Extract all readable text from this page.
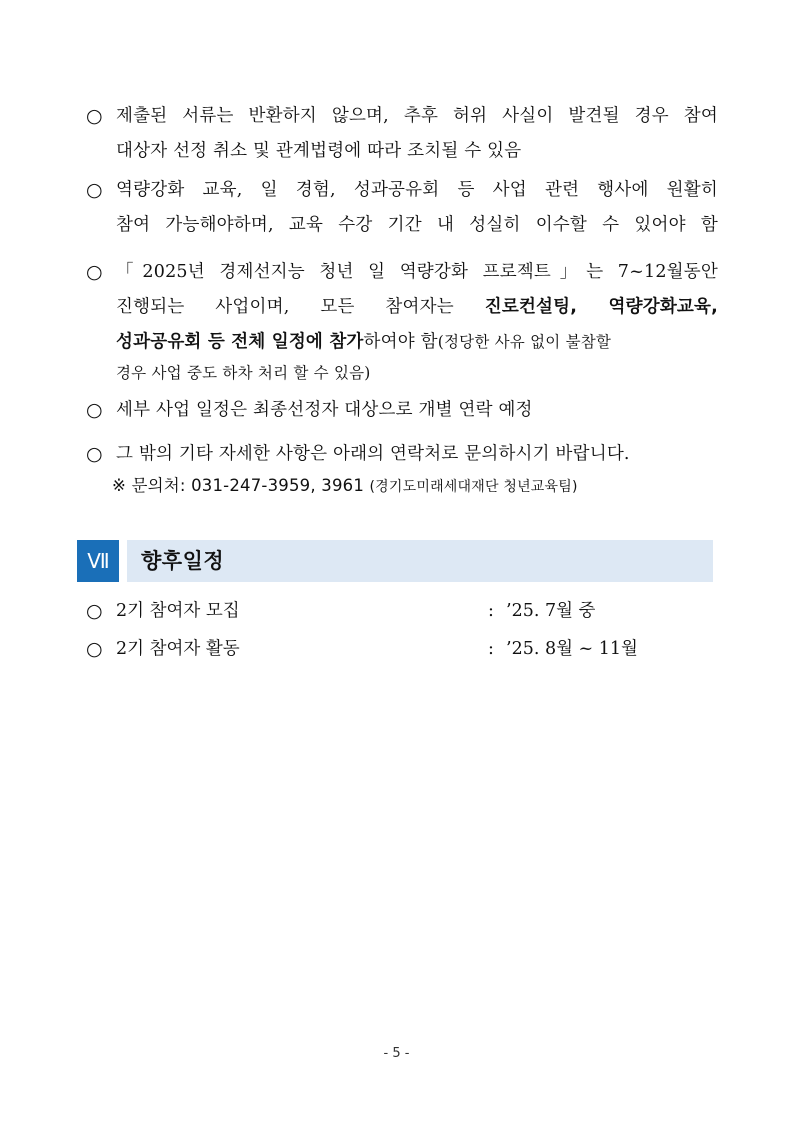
○ 제출된 서류는 반환하지 않으며, 추후 허위 사실이 발견될 경우 참여
대상자 선정 취소 및 관계법령에 따라 조치될 수 있음
○ 역량강화 교육, 일 경험, 성과공유회 등 사업 관련 행사에 원활히
참여 가능해야하며, 교육 수강 기간 내 성실히 이수할 수 있어야 함
○ 「2025년 경제선지능 청년 일 역량강화 프로젝트」는 7~12월동안
진행되는 사업이며, 모든 참여자는 진로컨설팅, 역량강화교육,
성과공유회 등 전체 일정에 참가하여야 함(정당한 사유 없이 불참할
경우 사업 중도 하차 처리 할 수 있음)
○ 세부 사업 일정은 최종선정자 대상으로 개별 연락 예정
○ 그 밖의 기타 자세한 사항은 아래의 연락처로 문의하시기 바랍니다.
※ 문의처: 031-247-3959, 3961 (경기도미래세대재단 청년교육팀)
Ⅶ	향후일정
○ 2기 참여자 모집	: ’25. 7월 중
○ 2기 참여자 활동	: ’25. 8월 ~ 11월
- 5 -
